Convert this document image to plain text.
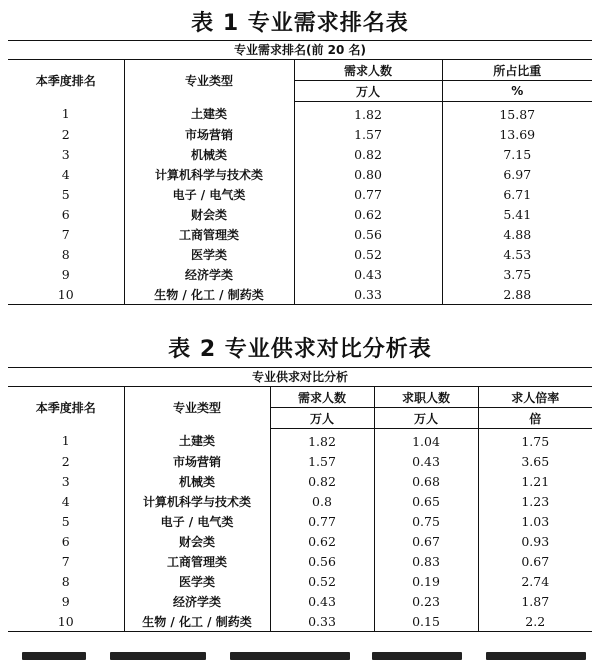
表 1 专业需求排名表
专业需求排名(前 20 名)
本季度排名	专业类型	需求人数	所占比重
		万人	%
1	土建类	1.82	15.87
2	市场营销	1.57	13.69
3	机械类	0.82	7.15
4	计算机科学与技术类	0.80	6.97
5	电子 / 电气类	0.77	6.71
6	财会类	0.62	5.41
7	工商管理类	0.56	4.88
8	医学类	0.52	4.53
9	经济学类	0.43	3.75
10	生物 / 化工 / 制药类	0.33	2.88
表 2 专业供求对比分析表
专业供求对比分析
本季度排名	专业类型	需求人数	求职人数	求人倍率
		万人	万人	倍
1	土建类	1.82	1.04	1.75
2	市场营销	1.57	0.43	3.65
3	机械类	0.82	0.68	1.21
4	计算机科学与技术类	0.8	0.65	1.23
5	电子 / 电气类	0.77	0.75	1.03
6	财会类	0.62	0.67	0.93
7	工商管理类	0.56	0.83	0.67
8	医学类	0.52	0.19	2.74
9	经济学类	0.43	0.23	1.87
10	生物 / 化工 / 制药类	0.33	0.15	2.2
